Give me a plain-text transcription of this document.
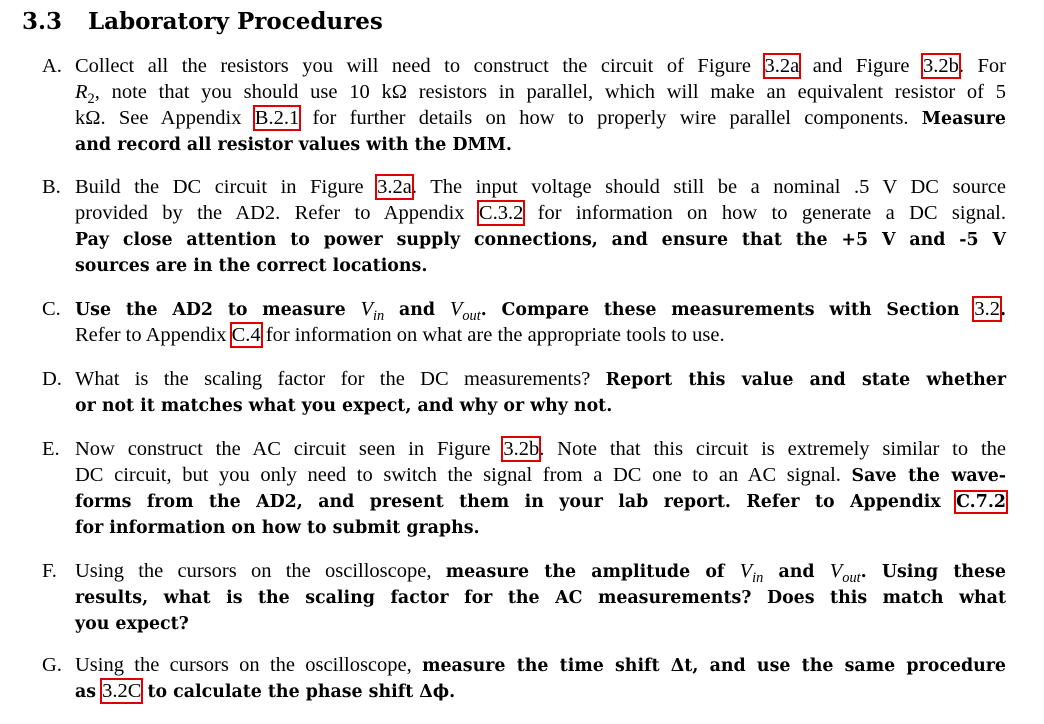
3.3 Laboratory Procedures
A. Collect all the resistors you will need to construct the circuit of Figure 3.2a and Figure 3.2b. For
$R_2$, note that you should use 10 kΩ resistors in parallel, which will make an equivalent resistor of 5
kΩ. See Appendix B.2.1 for further details on how to properly wire parallel components. Measure
and record all resistor values with the DMM.
B. Build the DC circuit in Figure 3.2a. The input voltage should still be a nominal .5 V DC source
provided by the AD2. Refer to Appendix C.3.2 for information on how to generate a DC signal.
Pay close attention to power supply connections, and ensure that the +5 V and -5 V
sources are in the correct locations.
C. Use the AD2 to measure $V_{in}$ and $V_{out}$. Compare these measurements with Section 3.2.
Refer to Appendix C.4 for information on what are the appropriate tools to use.
D. What is the scaling factor for the DC measurements? Report this value and state whether
or not it matches what you expect, and why or why not.
E. Now construct the AC circuit seen in Figure 3.2b. Note that this circuit is extremely similar to the
DC circuit, but you only need to switch the signal from a DC one to an AC signal. Save the wave-
forms from the AD2, and present them in your lab report. Refer to Appendix C.7.2
for information on how to submit graphs.
F. Using the cursors on the oscilloscope, measure the amplitude of $V_{in}$ and $V_{out}$. Using these
results, what is the scaling factor for the AC measurements? Does this match what
you expect?
G. Using the cursors on the oscilloscope, measure the time shift Δt, and use the same procedure
as 3.2C to calculate the phase shift Δϕ.
